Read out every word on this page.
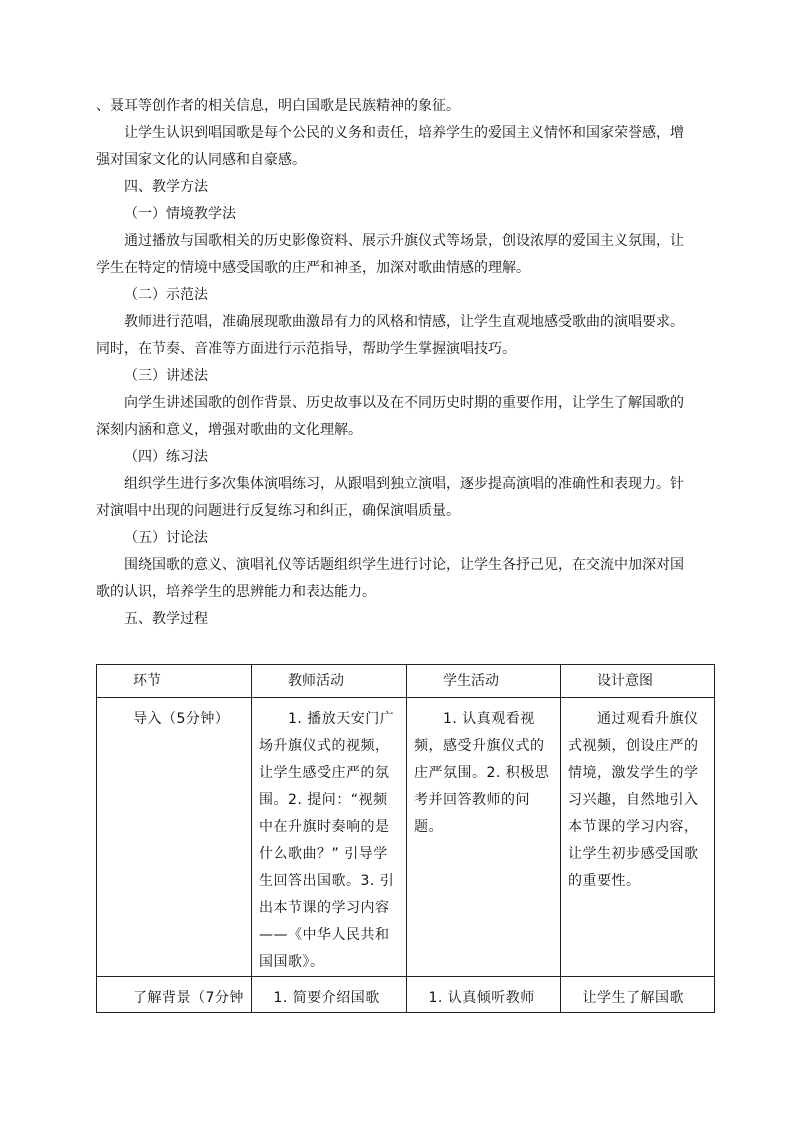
、聂耳等创作者的相关信息，明白国歌是民族精神的象征。
让学生认识到唱国歌是每个公民的义务和责任，培养学生的爱国主义情怀和国家荣誉感，增
强对国家文化的认同感和自豪感。
四、教学方法
（一）情境教学法
通过播放与国歌相关的历史影像资料、展示升旗仪式等场景，创设浓厚的爱国主义氛围，让
学生在特定的情境中感受国歌的庄严和神圣，加深对歌曲情感的理解。
（二）示范法
教师进行范唱，准确展现歌曲激昂有力的风格和情感，让学生直观地感受歌曲的演唱要求。
同时，在节奏、音准等方面进行示范指导，帮助学生掌握演唱技巧。
（三）讲述法
向学生讲述国歌的创作背景、历史故事以及在不同历史时期的重要作用，让学生了解国歌的
深刻内涵和意义，增强对歌曲的文化理解。
（四）练习法
组织学生进行多次集体演唱练习，从跟唱到独立演唱，逐步提高演唱的准确性和表现力。针
对演唱中出现的问题进行反复练习和纠正，确保演唱质量。
（五）讨论法
围绕国歌的意义、演唱礼仪等话题组织学生进行讨论，让学生各抒己见，在交流中加深对国
歌的认识，培养学生的思辨能力和表达能力。
五、教学过程
环节	教师活动	学生活动	设计意图

导入（5分钟）	　　1. 播放天安门广场升旗仪式的视频，让学生感受庄严的氛围。2. 提问：“视频中在升旗时奏响的是什么歌曲？” 引导学生回答出国歌。3. 引出本节课的学习内容 ——《中华人民共和国国歌》。	　　1. 认真观看视频，感受升旗仪式的庄严氛围。2. 积极思考并回答教师的问题。	　　通过观看升旗仪式视频，创设庄严的情境，激发学生的学习兴趣，自然地引入本节课的学习内容，让学生初步感受国歌的重要性。

了解背景（7分钟	　1. 简要介绍国歌	　1. 认真倾听教师	　让学生了解国歌
